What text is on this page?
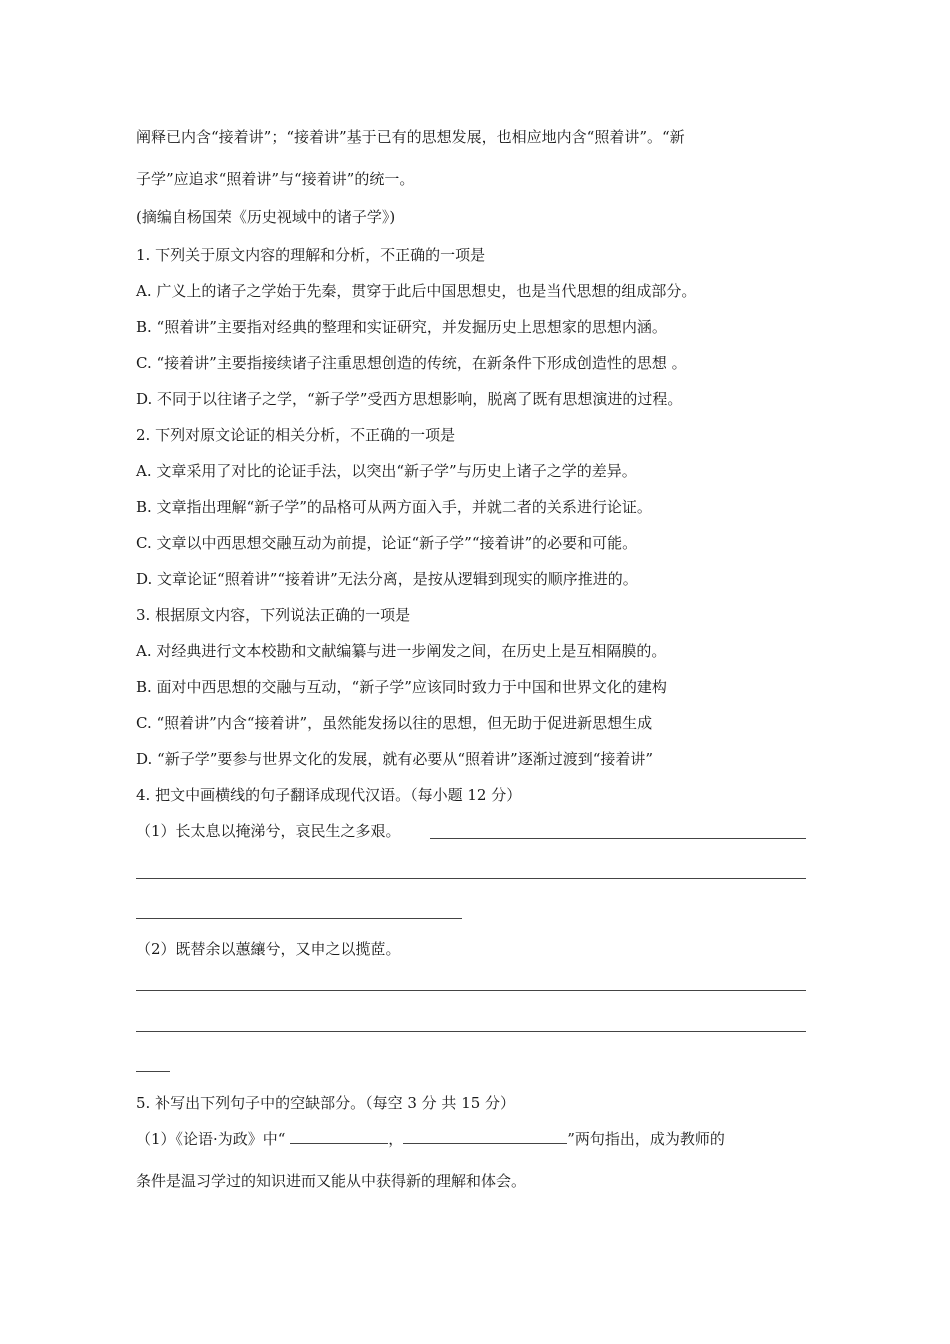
阐释已内含“接着讲”；“接着讲”基于已有的思想发展，也相应地内含“照着讲”。“新
子学”应追求“照着讲”与“接着讲”的统一。
(摘编自杨国荣《历史视域中的诸子学》)
1. 下列关于原文内容的理解和分析，不正确的一项是
A. 广义上的诸子之学始于先秦，贯穿于此后中国思想史，也是当代思想的组成部分。
B. “照着讲”主要指对经典的整理和实证研究，并发掘历史上思想家的思想内涵。
C. “接着讲”主要指接续诸子注重思想创造的传统，在新条件下形成创造性的思想 。
D. 不同于以往诸子之学，“新子学”受西方思想影响，脱离了既有思想演进的过程。
2. 下列对原文论证的相关分析，不正确的一项是
A. 文章采用了对比的论证手法，以突出“新子学”与历史上诸子之学的差异。
B. 文章指出理解“新子学”的品格可从两方面入手，并就二者的关系进行论证。
C. 文章以中西思想交融互动为前提，论证“新子学”“接着讲”的必要和可能。
D. 文章论证“照着讲”“接着讲”无法分离，是按从逻辑到现实的顺序推进的。
3. 根据原文内容，下列说法正确的一项是
A. 对经典进行文本校勘和文献编纂与进一步阐发之间，在历史上是互相隔膜的。
B. 面对中西思想的交融与互动，“新子学”应该同时致力于中国和世界文化的建构
C. “照着讲”内含“接着讲”，虽然能发扬以往的思想，但无助于促进新思想生成
D. “新子学”要参与世界文化的发展，就有必要从“照着讲”逐渐过渡到“接着讲”
4. 把文中画横线的句子翻译成现代汉语。（每小题 12 分）
（1）长太息以掩涕兮，哀民生之多艰。
（2）既替余以蕙纕兮，又申之以揽茝。
5. 补写出下列句子中的空缺部分。（每空 3 分 共 15 分）
（1）《论语·为政》中“	，	”两句指出，成为教师的
条件是温习学过的知识进而又能从中获得新的理解和体会。
